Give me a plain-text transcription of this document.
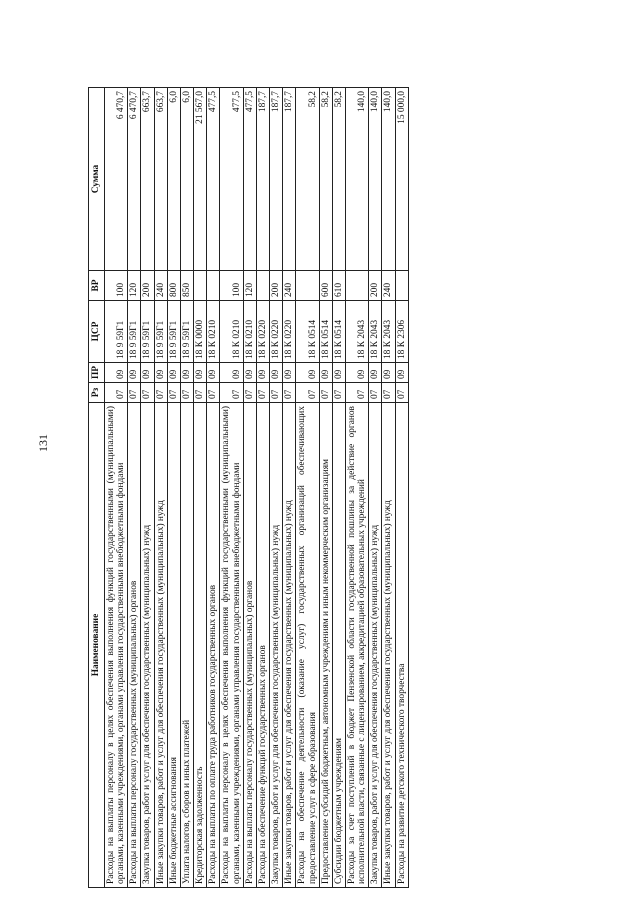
131
Наименование	Рз	ПР	ЦСР	ВР	Сумма
Расходы на выплаты персоналу в целях обеспечения выполнения функций государственными (муниципальными) органами, казенными учреждениями, органами управления государственными внебюджетными фондами	07	09	18 9 59Г1	100	6 470,7
Расходы на выплаты персоналу государственных (муниципальных) органов	07	09	18 9 59Г1	120	6 470,7
Закупка товаров, работ и услуг для обеспечения государственных (муниципальных) нужд	07	09	18 9 59Г1	200	663,7
Иные закупки товаров, работ и услуг для обеспечения государственных (муниципальных) нужд	07	09	18 9 59Г1	240	663,7
Иные бюджетные ассигнования	07	09	18 9 59Г1	800	6,0
Уплата налогов, сборов и иных платежей	07	09	18 9 59Г1	850	6,0
Кредиторская задолженность	07	09	18 К 0000		21 567,0
Расходы на выплаты по оплате труда работников государственных органов	07	09	18 К 0210		477,5
Расходы на выплаты персоналу в целях обеспечения выполнения функций государственными (муниципальными) органами, казенными учреждениями, органами управления государственными внебюджетными фондами	07	09	18 К 0210	100	477,5
Расходы на выплаты персоналу государственных (муниципальных) органов	07	09	18 К 0210	120	477,5
Расходы на обеспечение функций государственных органов	07	09	18 К 0220		187,7
Закупка товаров, работ и услуг для обеспечения государственных (муниципальных) нужд	07	09	18 К 0220	200	187,7
Иные закупки товаров, работ и услуг для обеспечения государственных (муниципальных) нужд	07	09	18 К 0220	240	187,7
Расходы на обеспечение деятельности (оказание услуг) государственных организаций обеспечивающих предоставление услуг в сфере образования	07	09	18 К 0514		58,2
Предоставление субсидий бюджетным, автономным учреждениям и иным некоммерческим организациям	07	09	18 К 0514	600	58,2
Субсидии бюджетным учреждениям	07	09	18 К 0514	610	58,2
Расходы за счет поступлений в бюджет Пензенской области государственной пошлины за действие органов исполнительной власти, связанные с лицензированием, аккредитацией образовательных учреждений	07	09	18 К 2043		140,0
Закупка товаров, работ и услуг для обеспечения государственных (муниципальных) нужд	07	09	18 К 2043	200	140,0
Иные закупки товаров, работ и услуг для обеспечения государственных (муниципальных) нужд	07	09	18 К 2043	240	140,0
Расходы на развитие детского технического творчества	07	09	18 К 2306		15 000,0
